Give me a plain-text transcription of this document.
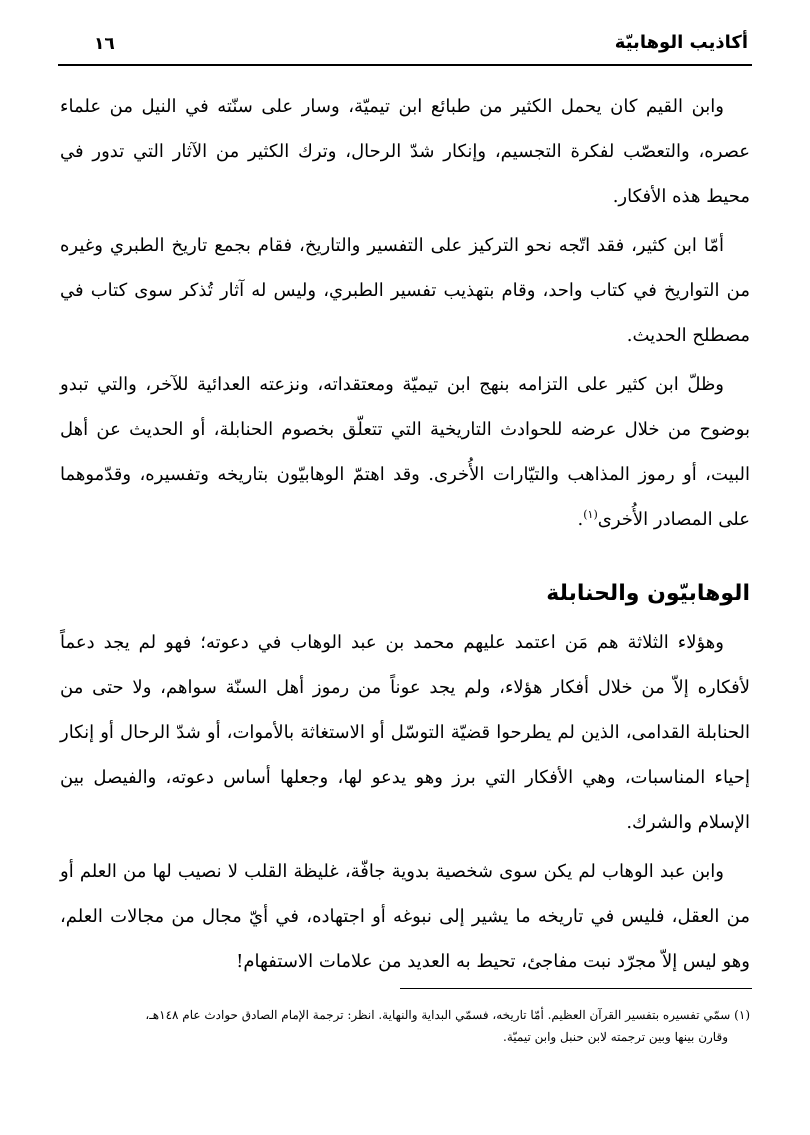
١٦	أكاذيب الوهابيّة

وابن القيم كان يحمل الكثير من طبائع ابن تيميّة، وسار على سنّته في النيل من علماء عصره، والتعصّب لفكرة التجسيم، وإنكار شدّ الرحال، وترك الكثير من الآثار التي تدور في محيط هذه الأفكار.

أمّا ابن كثير، فقد اتّجه نحو التركيز على التفسير والتاريخ، فقام بجمع تاريخ الطبري وغيره من التواريخ في كتاب واحد، وقام بتهذيب تفسير الطبري، وليس له آثار تُذكر سوى كتاب في مصطلح الحديث.

وظلّ ابن كثير على التزامه بنهج ابن تيميّة ومعتقداته، ونزعته العدائية للآخر، والتي تبدو بوضوح من خلال عرضه للحوادث التاريخية التي تتعلّق بخصوم الحنابلة، أو الحديث عن أهل البيت، أو رموز المذاهب والتيّارات الأُخرى. وقد اهتمّ الوهابيّون بتاريخه وتفسيره، وقدّموهما على المصادر الأُخرى$^{(١)}$.

الوهابيّون والحنابلة

وهؤلاء الثلاثة هم مَن اعتمد عليهم محمد بن عبد الوهاب في دعوته؛ فهو لم يجد دعماً لأفكاره إلاّ من خلال أفكار هؤلاء، ولم يجد عوناً من رموز أهل السنّة سواهم، ولا حتى من الحنابلة القدامى، الذين لم يطرحوا قضيّة التوسّل أو الاستغاثة بالأموات، أو شدّ الرحال أو إنكار إحياء المناسبات، وهي الأفكار التي برز وهو يدعو لها، وجعلها أساس دعوته، والفيصل بين الإسلام والشرك.

وابن عبد الوهاب لم يكن سوى شخصية بدوية جافّة، غليظة القلب لا نصيب لها من العلم أو من العقل، فليس في تاريخه ما يشير إلى نبوغه أو اجتهاده، في أيّ مجال من مجالات العلم، وهو ليس إلاّ مجرّد نبت مفاجئ، تحيط به العديد من علامات الاستفهام!

(١) سمّي تفسيره بتفسير القرآن العظيم. أمّا تاريخه، فسمّي البداية والنهاية. انظر: ترجمة الإمام الصادق حوادث عام ١٤٨هـ،

وقارن بينها وبين ترجمته لابن حنبل وابن تيميّة.
